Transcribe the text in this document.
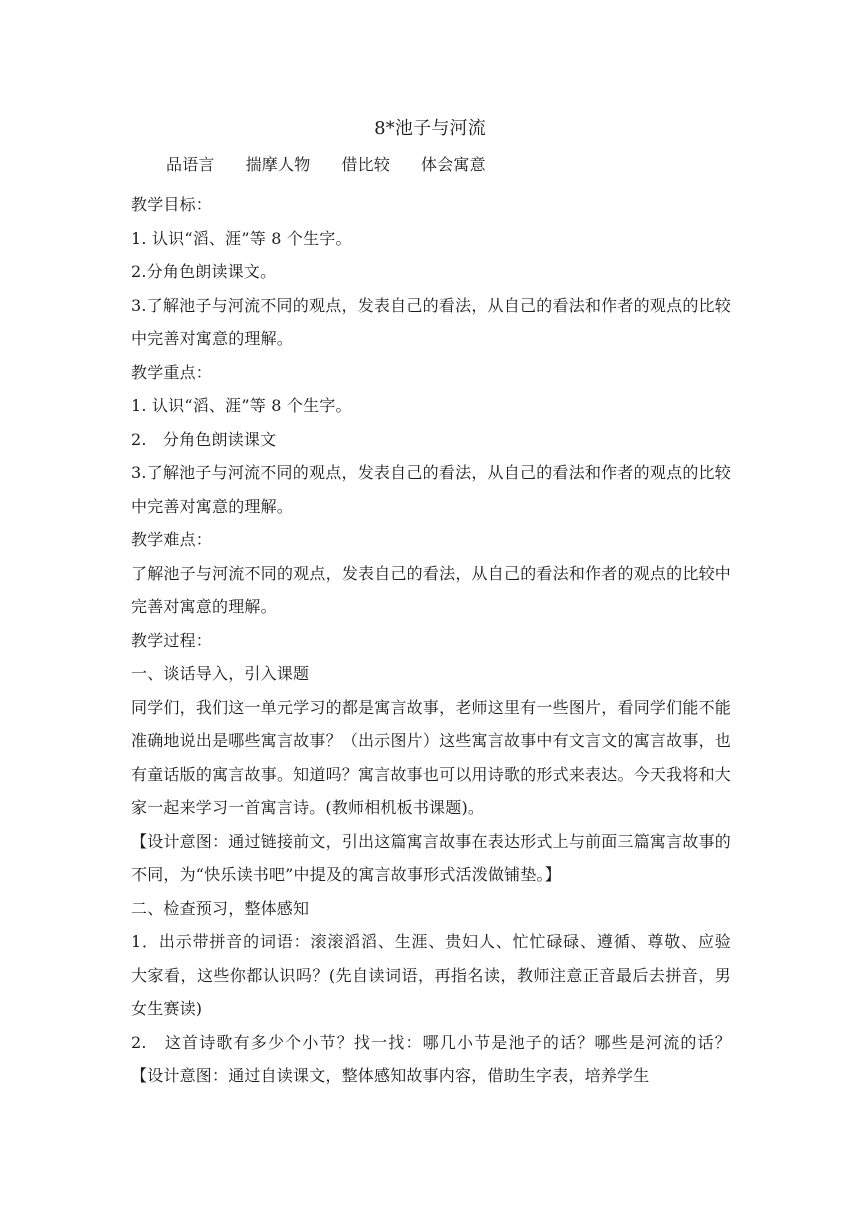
8*池子与河流
品语言 揣摩人物 借比较 体会寓意

教学目标：

1. 认识“滔、涯”等 8 个生字。

2.分角色朗读课文。

3.了解池子与河流不同的观点，发表自己的看法，从自己的看法和作者的观点的比较中完善对寓意的理解。

教学重点：

1. 认识“滔、涯”等 8 个生字。

2.　分角色朗读课文

3.了解池子与河流不同的观点，发表自己的看法，从自己的看法和作者的观点的比较中完善对寓意的理解。

教学难点：

了解池子与河流不同的观点，发表自己的看法，从自己的看法和作者的观点的比较中完善对寓意的理解。

教学过程：

一、谈话导入，引入课题

同学们，我们这一单元学习的都是寓言故事，老师这里有一些图片，看同学们能不能准确地说出是哪些寓言故事？（出示图片）这些寓言故事中有文言文的寓言故事，也有童话版的寓言故事。知道吗？寓言故事也可以用诗歌的形式来表达。今天我将和大家一起来学习一首寓言诗。(教师相机板书课题)。

【设计意图：通过链接前文，引出这篇寓言故事在表达形式上与前面三篇寓言故事的不同，为“快乐读书吧”中提及的寓言故事形式活泼做铺垫。】

二、检查预习，整体感知

1．出示带拼音的词语：滚滚滔滔、生涯、贵妇人、忙忙碌碌、遵循、尊敬、应验　　大家看，这些你都认识吗？(先自读词语，再指名读，教师注意正音最后去拼音，男女生赛读)

2.　这首诗歌有多少个小节？找一找：哪几小节是池子的话？哪些是河流的话？　【设计意图：通过自读课文，整体感知故事内容，借助生字表，培养学生
